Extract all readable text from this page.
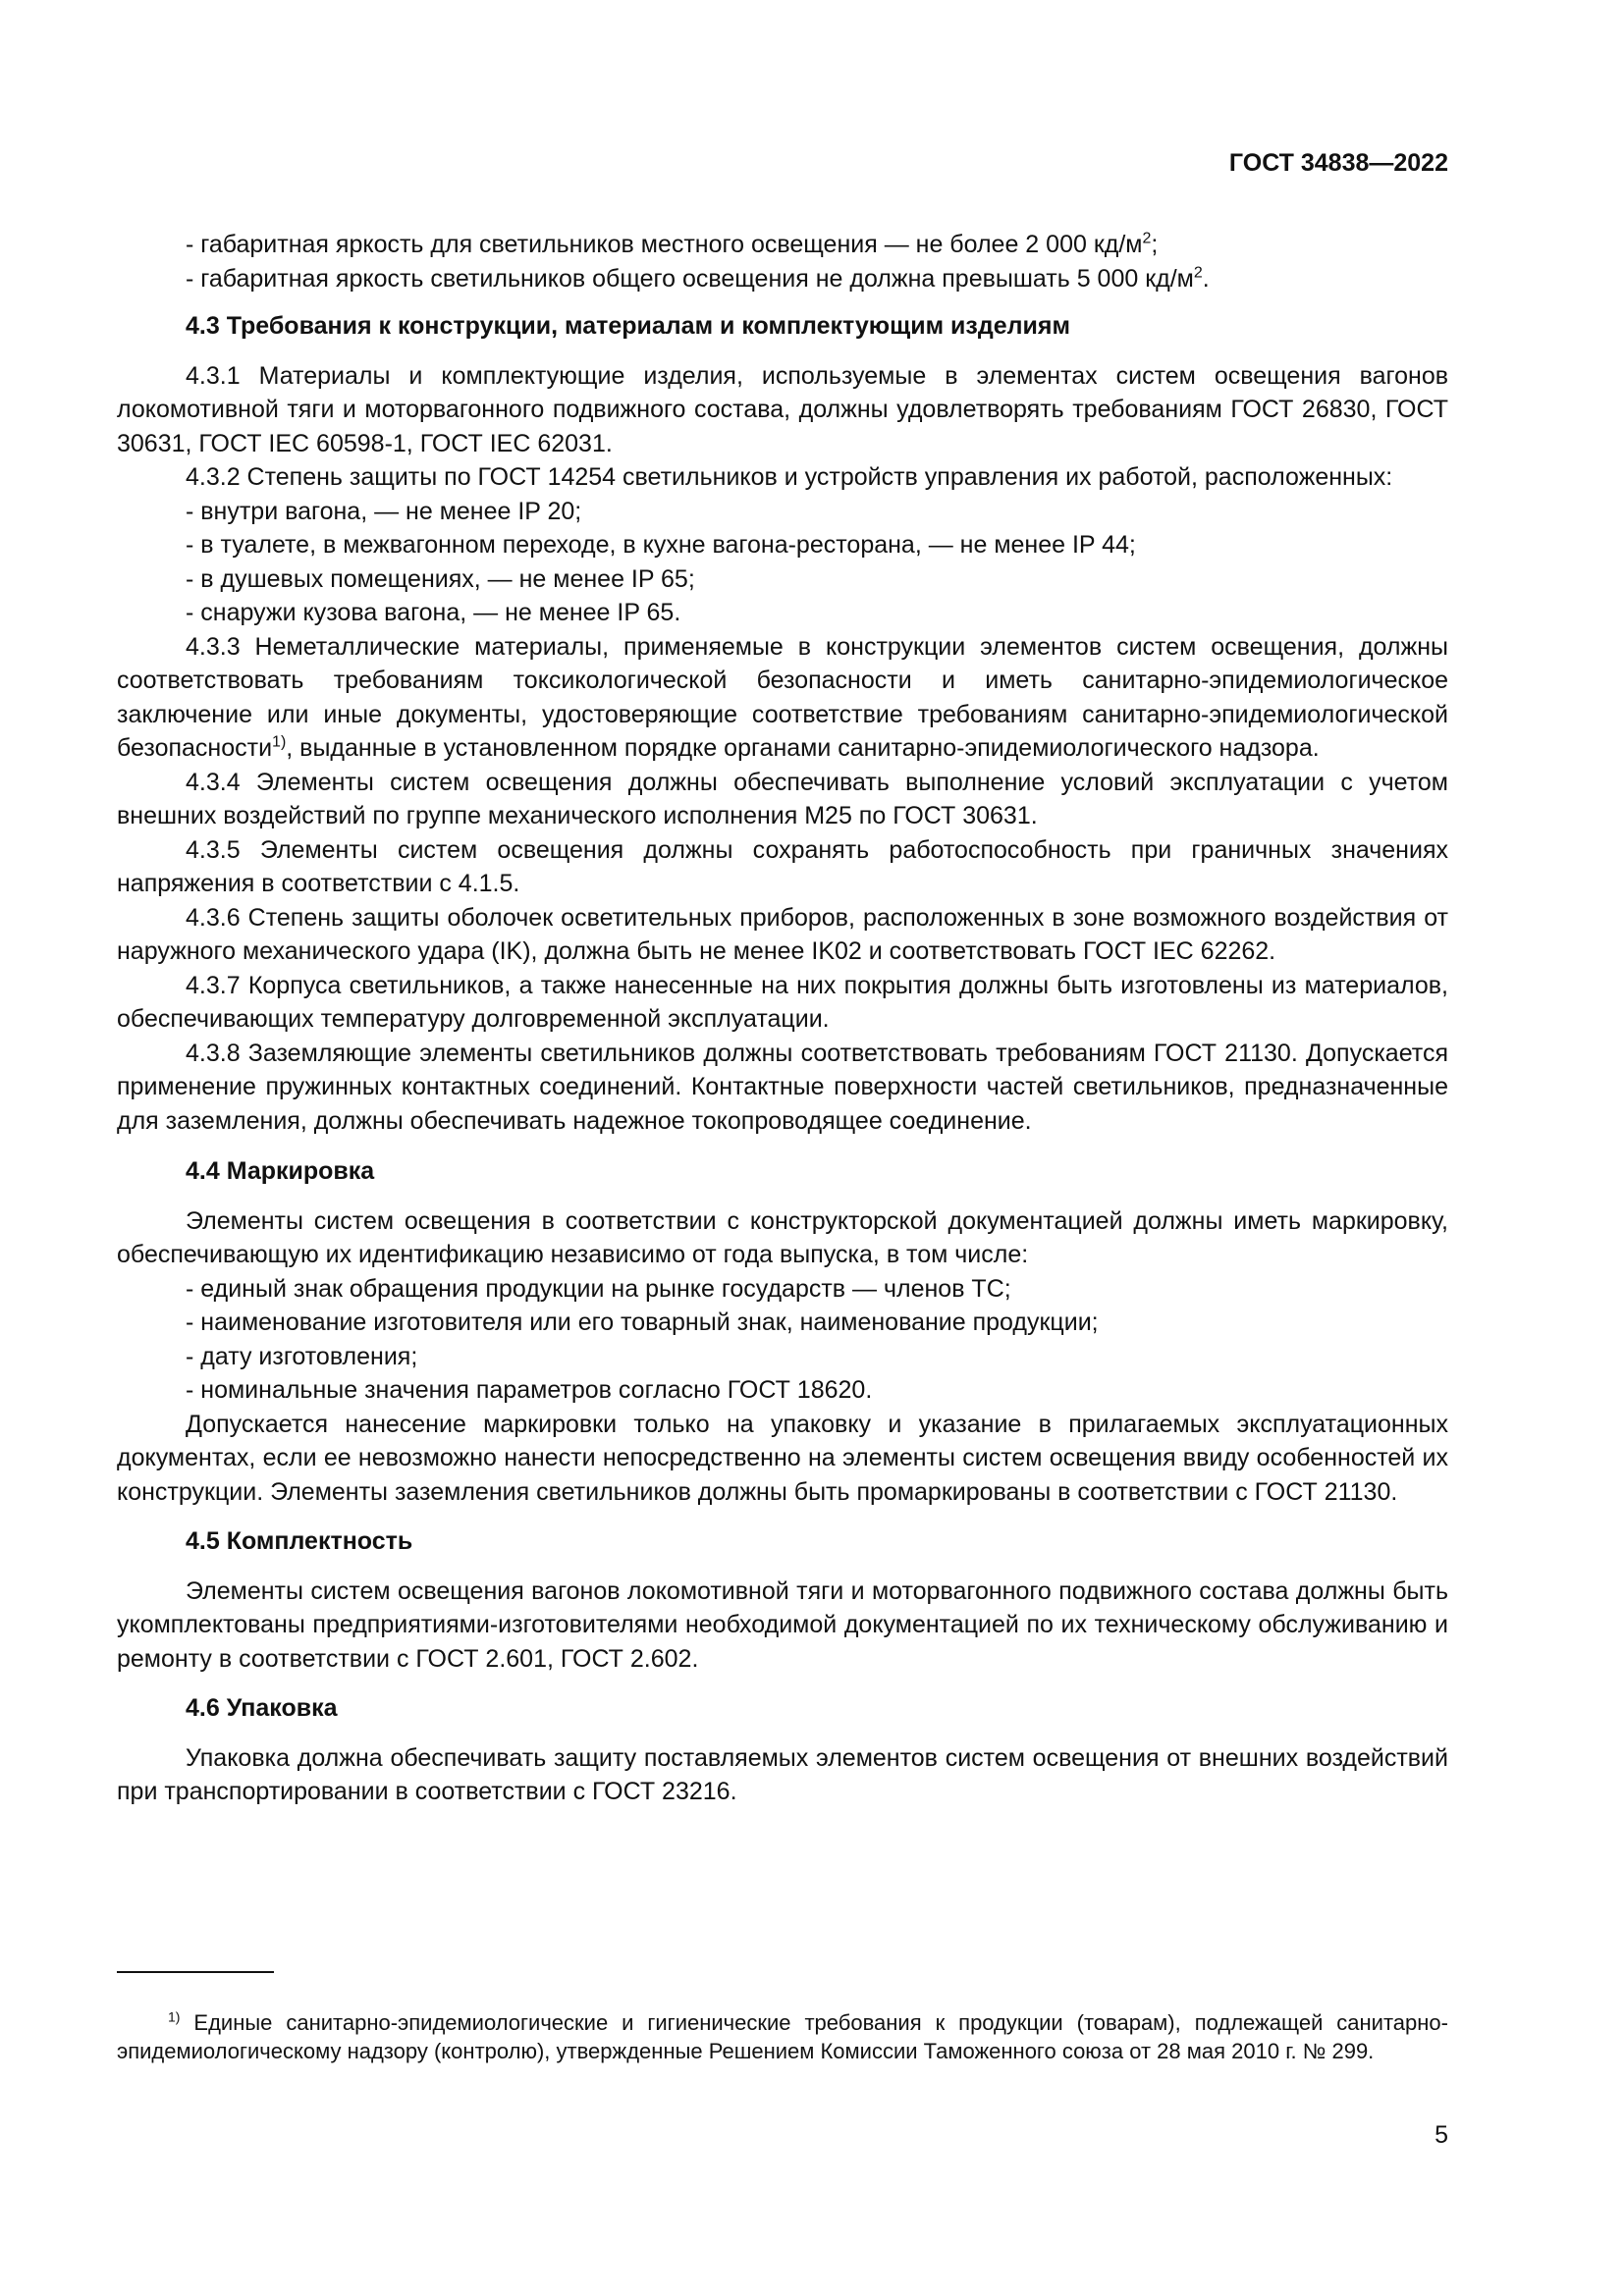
ГОСТ 34838—2022

- габаритная яркость для светильников местного освещения — не более 2 000 $кд/м^2$;

- габаритная яркость светильников общего освещения не должна превышать 5 000 $кд/м^2$.

4.3 Требования к конструкции, материалам и комплектующим изделиям

4.3.1 Материалы и комплектующие изделия, используемые в элементах систем освещения вагонов локомотивной тяги и моторвагонного подвижного состава, должны удовлетворять требованиям ГОСТ 26830, ГОСТ 30631, ГОСТ IEC 60598-1, ГОСТ IEC 62031.

4.3.2 Степень защиты по ГОСТ 14254 светильников и устройств управления их работой, расположенных:

- внутри вагона, — не менее IP 20;

- в туалете, в межвагонном переходе, в кухне вагона-ресторана, — не менее IP 44;

- в душевых помещениях, — не менее IP 65;

- снаружи кузова вагона, — не менее IP 65.

4.3.3 Неметаллические материалы, применяемые в конструкции элементов систем освещения, должны соответствовать требованиям токсикологической безопасности и иметь санитарно-эпидемиологическое заключение или иные документы, удостоверяющие соответствие требованиям санитарно-эпидемиологической безопасности$^{1)}$, выданные в установленном порядке органами санитарно-эпидемиологического надзора.

4.3.4 Элементы систем освещения должны обеспечивать выполнение условий эксплуатации с учетом внешних воздействий по группе механического исполнения М25 по ГОСТ 30631.

4.3.5 Элементы систем освещения должны сохранять работоспособность при граничных значениях напряжения в соответствии с 4.1.5.

4.3.6 Степень защиты оболочек осветительных приборов, расположенных в зоне возможного воздействия от наружного механического удара (IK), должна быть не менее IK02 и соответствовать ГОСТ IEC 62262.

4.3.7 Корпуса светильников, а также нанесенные на них покрытия должны быть изготовлены из материалов, обеспечивающих температуру долговременной эксплуатации.

4.3.8 Заземляющие элементы светильников должны соответствовать требованиям ГОСТ 21130. Допускается применение пружинных контактных соединений. Контактные поверхности частей светильников, предназначенные для заземления, должны обеспечивать надежное токопроводящее соединение.

4.4 Маркировка

Элементы систем освещения в соответствии с конструкторской документацией должны иметь маркировку, обеспечивающую их идентификацию независимо от года выпуска, в том числе:

- единый знак обращения продукции на рынке государств — членов ТС;

- наименование изготовителя или его товарный знак, наименование продукции;

- дату изготовления;

- номинальные значения параметров согласно ГОСТ 18620.

Допускается нанесение маркировки только на упаковку и указание в прилагаемых эксплуатационных документах, если ее невозможно нанести непосредственно на элементы систем освещения ввиду особенностей их конструкции. Элементы заземления светильников должны быть промаркированы в соответствии с ГОСТ 21130.

4.5 Комплектность

Элементы систем освещения вагонов локомотивной тяги и моторвагонного подвижного состава должны быть укомплектованы предприятиями-изготовителями необходимой документацией по их техническому обслуживанию и ремонту в соответствии с ГОСТ 2.601, ГОСТ 2.602.

4.6 Упаковка

Упаковка должна обеспечивать защиту поставляемых элементов систем освещения от внешних воздействий при транспортировании в соответствии с ГОСТ 23216.

$^{1)}$ Единые санитарно-эпидемиологические и гигиенические требования к продукции (товарам), подлежащей санитарно-эпидемиологическому надзору (контролю), утвержденные Решением Комиссии Таможенного союза от 28 мая 2010 г. № 299.

5
